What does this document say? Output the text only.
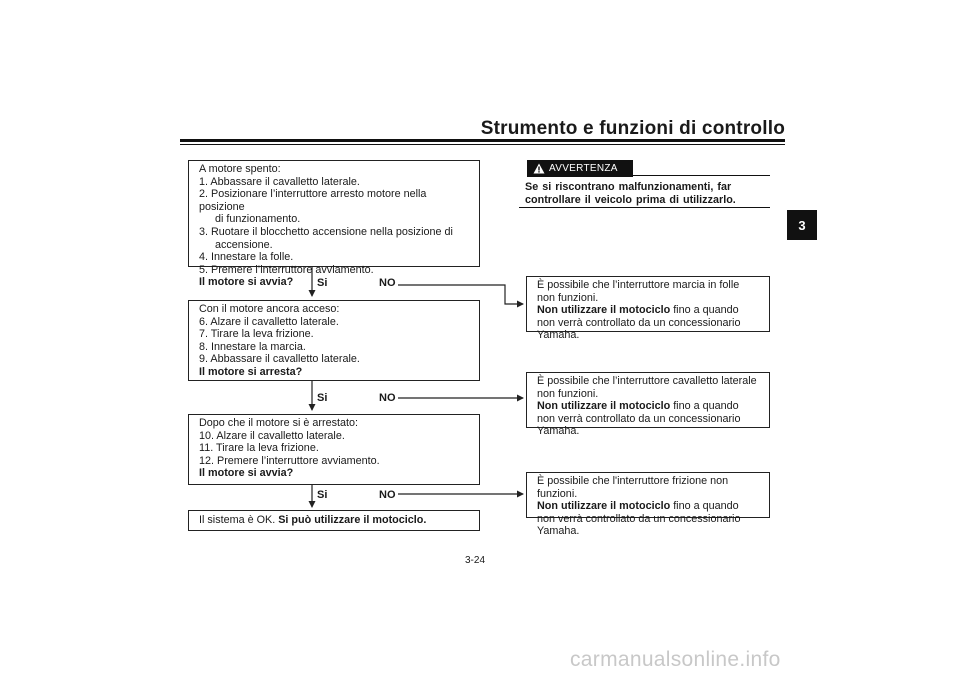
Strumento e funzioni di controllo
3

A motore spento:

1. Abbassare il cavalletto laterale.

2. Posizionare l’interruttore arresto motore nella posizione

di funzionamento.

3. Ruotare il blocchetto accensione nella posizione di

accensione.

4. Innestare la folle.

5. Premere l’interruttore avviamento.

Il motore si avvia?	Si	NO

Con il motore ancora acceso:

6. Alzare il cavalletto laterale.

7. Tirare la leva frizione.

8. Innestare la marcia.

9. Abbassare il cavalletto laterale.

Il motore si arresta?

Si	NO

Dopo che il motore si è arrestato:

10. Alzare il cavalletto laterale.

11. Tirare la leva frizione.

12. Premere l’interruttore avviamento.

Il motore si avvia?

Si	NO

Il sistema è OK. Si può utilizzare il motociclo.

AVVERTENZA
Se si riscontrano malfunzionamenti, far controllare il veicolo prima di utilizzarlo.

È possibile che l’interruttore marcia in folle non funzioni.

Non utilizzare il motociclo fino a quando non verrà controllato da un concessionario Yamaha.

È possibile che l’interruttore cavalletto laterale non funzioni.

Non utilizzare il motociclo fino a quando non verrà controllato da un concessionario Yamaha.

È possibile che l'interruttore frizione non funzioni.

Non utilizzare il motociclo fino a quando non verrà controllato da un concessionario Yamaha.

3-24
carmanualsonline.info
